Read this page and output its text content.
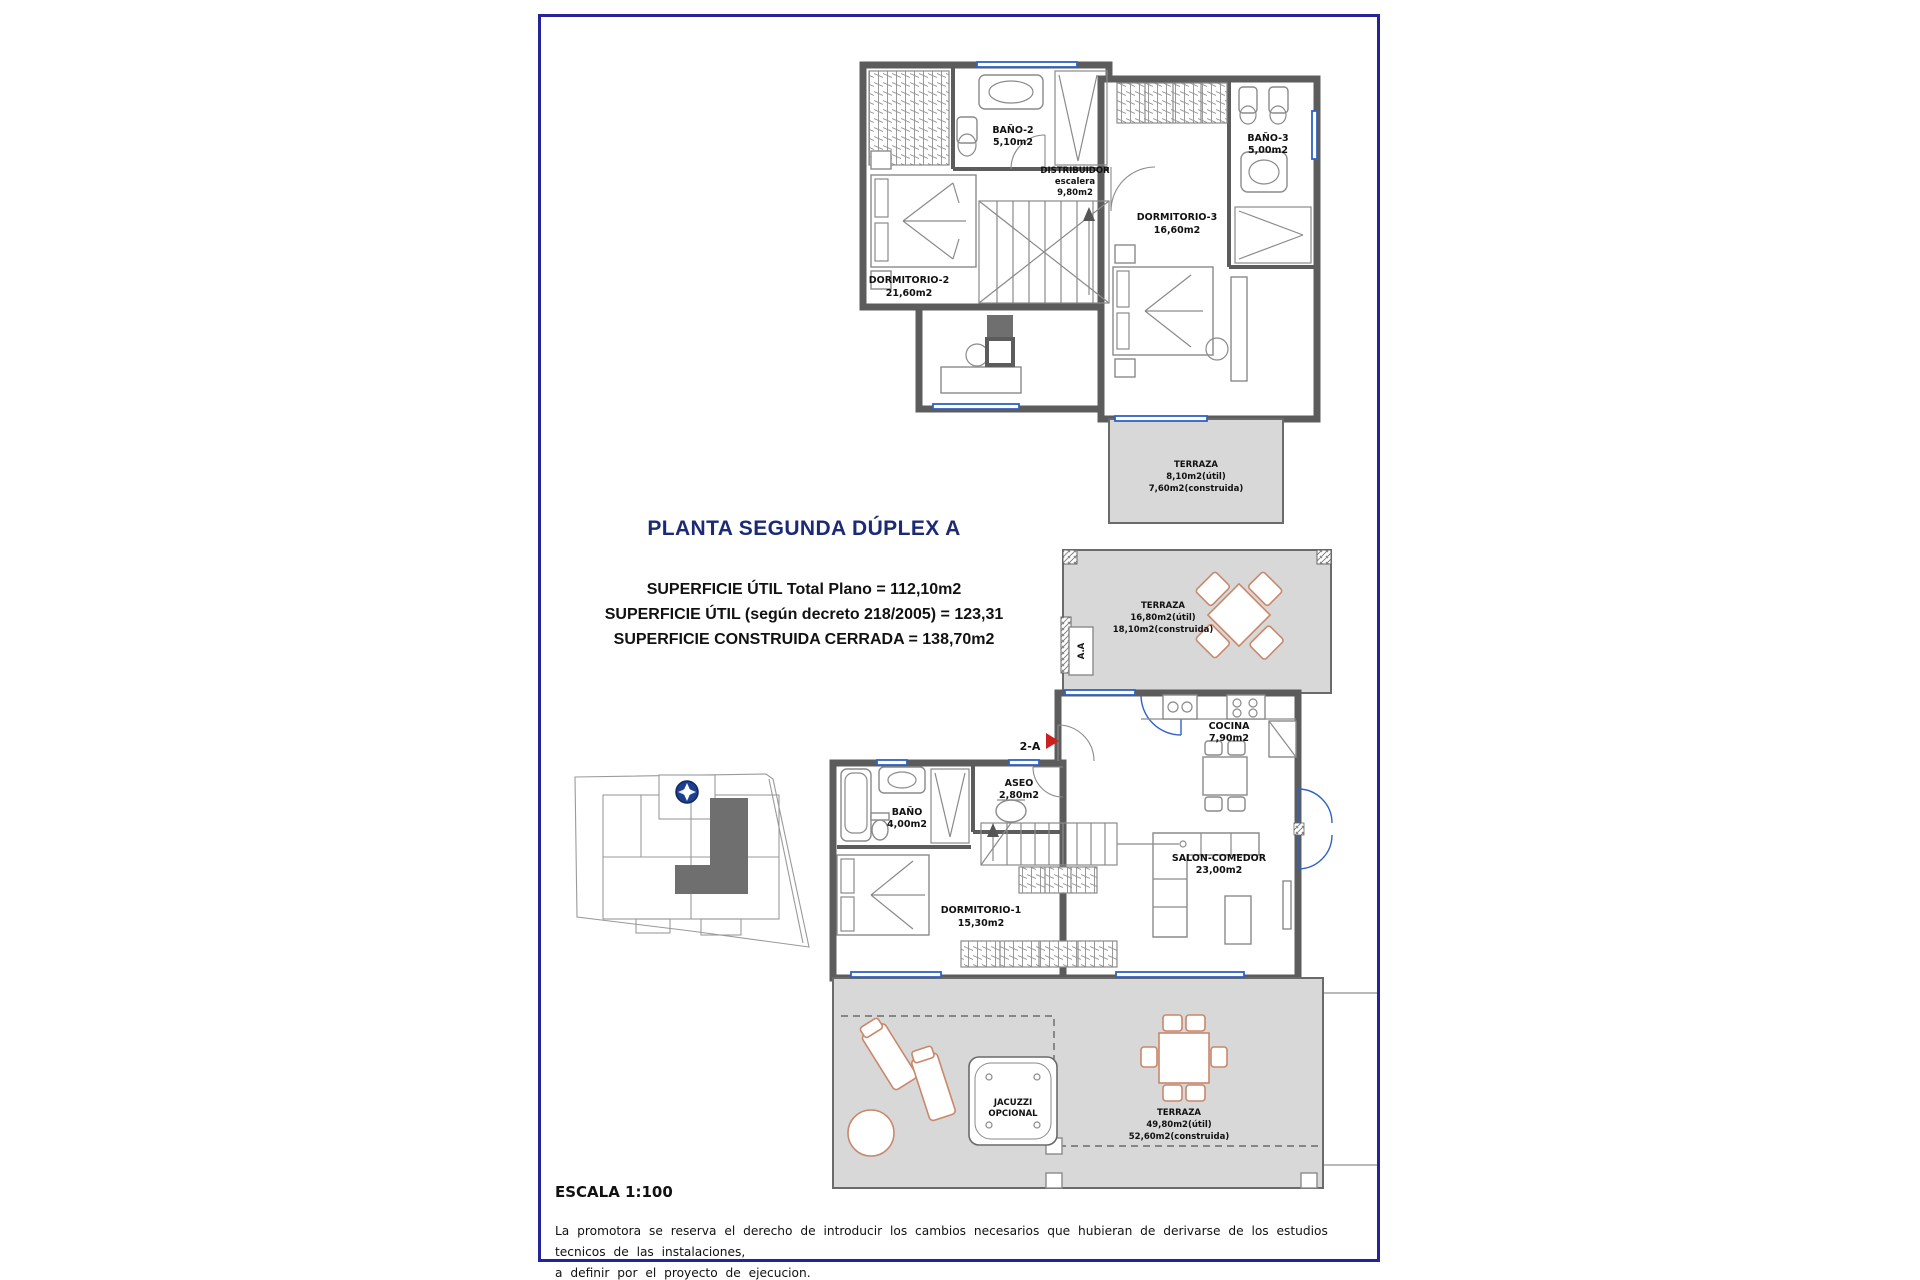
BAÑO-2
5,10m2
DISTRIBUIDOR
escalera
9,80m2
DORMITORIO-2
21,60m2
DORMITORIO-3
16,60m2
BAÑO-3
5,00m2
TERRAZA
8,10m2(útil)
7,60m2(construida)
2-A
A.A
TERRAZA
16,80m2(útil)
18,10m2(construida)
COCINA
7,90m2
ASEO
2,80m2
SALON-COMEDOR
23,00m2
BAÑO
4,00m2
DORMITORIO-1
15,30m2
JACUZZI
OPCIONAL	TERRAZA
49,80m2(útil)
52,60m2(construida)
PLANTA SEGUNDA DÚPLEX A
SUPERFICIE ÚTIL Total Plano = 112,10m2
SUPERFICIE ÚTIL (según decreto 218/2005) = 123,31
SUPERFICIE CONSTRUIDA CERRADA = 138,70m2
ESCALA 1:100
La promotora se reserva el derecho de introducir los cambios necesarios que hubieran de derivarse de los estudios tecnicos de las instalaciones,
a definir por el proyecto de ejecucion.
